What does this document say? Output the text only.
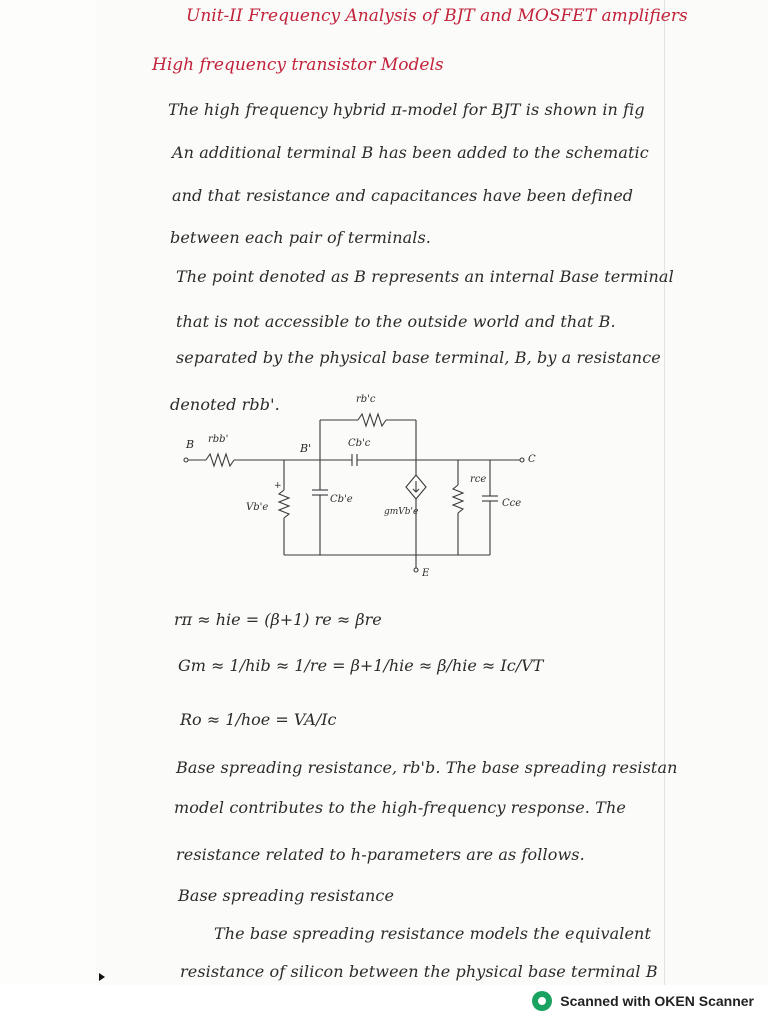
Unit-II Frequency Analysis of BJT and MOSFET amplifiers
High frequency transistor Models
The high frequency hybrid π-model for BJT is shown in fig
An additional terminal B has been added to the schematic
and that resistance and capacitances have been defined
between each pair of terminals.
The point denoted as B represents an internal Base terminal
that is not accessible to the outside world and that B.
separated by the physical base terminal, B, by a resistance
denoted rbb'.
B rbb'
B'
rb'c
Cb'c
+
Vb'e
Cb'e
gmVb'e
rce
Cce
C
E
rπ ≈ hie = (β+1) re ≈ βre
Gm ≈ 1/hib ≈ 1/re = β+1/hie ≈ β/hie ≈ Ic/VT
Ro ≈ 1/hoe = VA/Ic
Base spreading resistance, rb'b. The base spreading resistan
model contributes to the high-frequency response. The
resistance related to h-parameters are as follows.
Base spreading resistance
The base spreading resistance models the equivalent
resistance of silicon between the physical base terminal B
Scanned with OKEN Scanner
